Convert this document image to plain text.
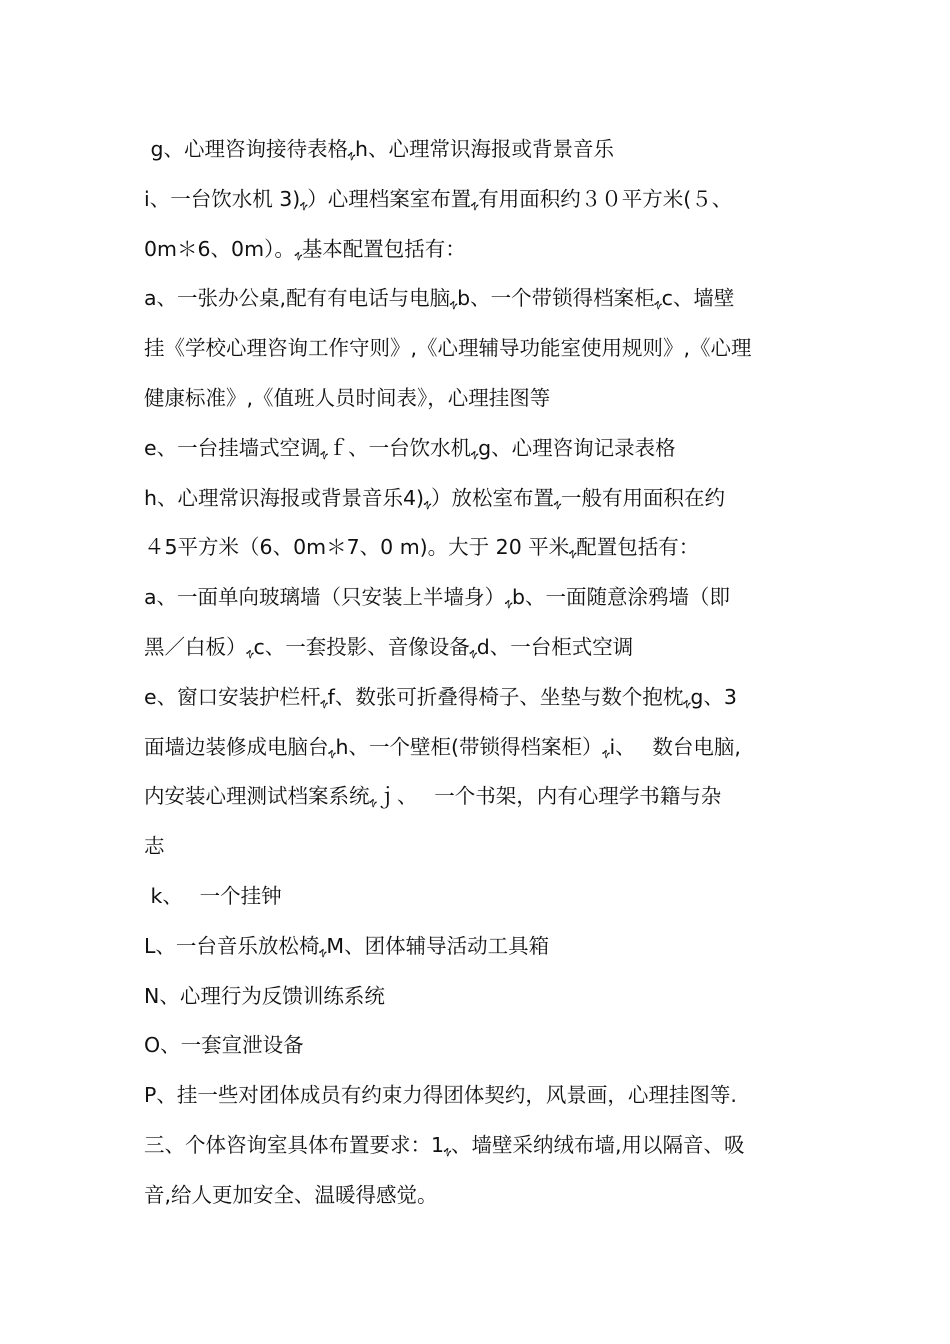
g、心理咨询接待表格ﮩh、心理常识海报或背景音乐
i、一台饮水机 3)ﮩ）心理档案室布置ﮩ有用面积约３０平方米(５、
0m＊6、0m）。ﮩ基本配置包括有：
a、一张办公桌,配有有电话与电脑ﮩb、一个带锁得档案柜ﮩc、墙壁
挂《学校心理咨询工作守则》,《心理辅导功能室使用规则》,《心理
健康标准》,《值班人员时间表》，心理挂图等
e、一台挂墙式空调ﮩｆ、一台饮水机ﮩg、心理咨询记录表格
h、心理常识海报或背景音乐ﮩ(4）放松室布置ﮩ一般有用面积在约
４5平方米（6、0m＊7、0 m)。大于 20 平米ﮩ配置包括有：
a、一面单向玻璃墙（只安装上半墙身）ﮩb、一面随意涂鸦墙（即
黑／白板）ﮩc、一套投影、音像设备ﮩd、一台柜式空调
e、窗口安装护栏杆ﮩf、数张可折叠得椅子、坐垫与数个抱枕ﮩg、3
面墙边装修成电脑台ﮩh、一个壁柜(带锁得档案柜）ﮩi、　 数台电脑,
内安装心理测试档案系统ﮩｊ、　 一个书架，内有心理学书籍与杂
志
k、　 一个挂钟
L、一台音乐放松椅ﮩM、团体辅导活动工具箱
N、心理行为反馈训练系统
O、一套宣泄设备
P、挂一些对团体成员有约束力得团体契约，风景画，心理挂图等.
三、个体咨询室具体布置要求：1ﮩ、墙壁采纳绒布墙,用以隔音、吸
音,给人更加安全、温暖得感觉。
